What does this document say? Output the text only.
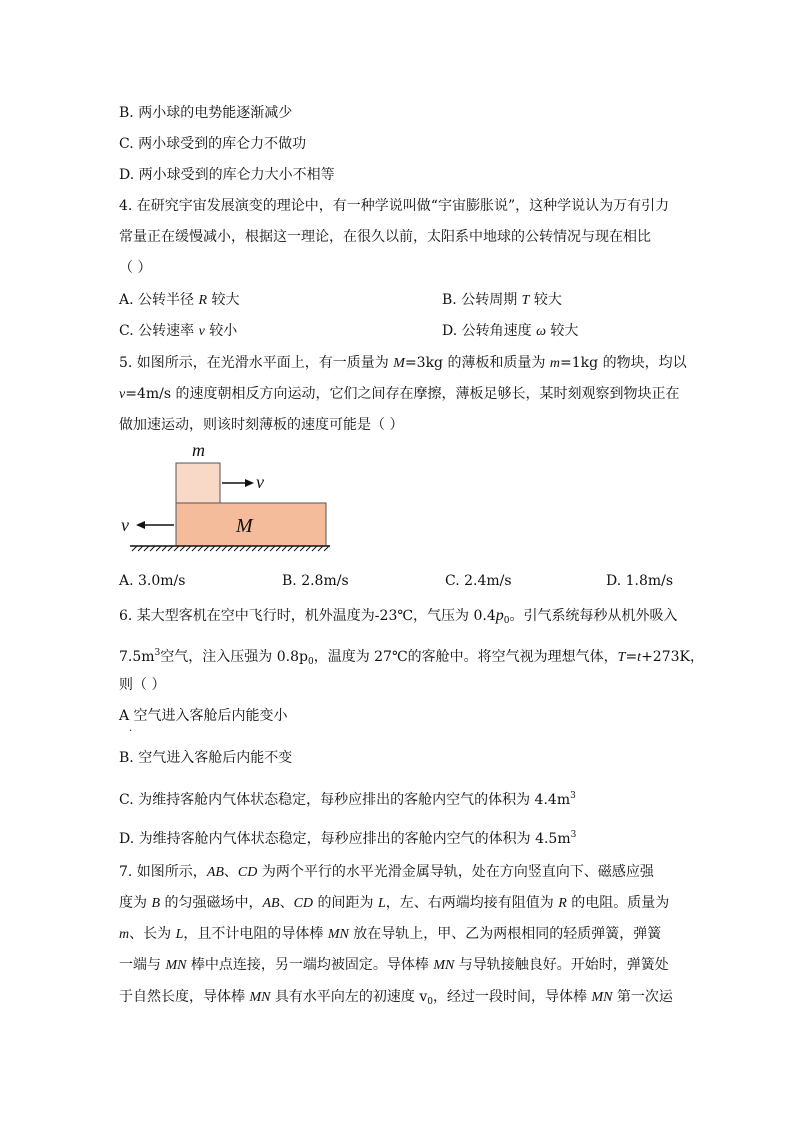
B. 两小球的电势能逐渐减少
C. 两小球受到的库仑力不做功
D. 两小球受到的库仑力大小不相等
4. 在研究宇宙发展演变的理论中，有一种学说叫做“宇宙膨胀说”，这种学说认为万有引力
常量正在缓慢减小，根据这一理论，在很久以前，太阳系中地球的公转情况与现在相比
（ ）
A. 公转半径 R 较大	B. 公转周期 T 较大
C. 公转速率 v 较小	D. 公转角速度 ω 较大
5. 如图所示，在光滑水平面上，有一质量为 M=3kg 的薄板和质量为 m=1kg 的物块，均以
v=4m/s 的速度朝相反方向运动，它们之间存在摩擦，薄板足够长，某时刻观察到物块正在
做加速运动，则该时刻薄板的速度可能是（ ）
m
v
M
v
A. 3.0m/s	B. 2.8m/s	C. 2.4m/s	D. 1.8m/s
6. 某大型客机在空中飞行时，机外温度为-23℃，气压为 $0.4p_0$。引气系统每秒从机外吸入
$7.5m^3$空气，注入压强为 $0.8p_0$，温度为 27℃的客舱中。将空气视为理想气体，T=t+273K，
则（ ）
A 空气进入客舱后内能变小
.
B. 空气进入客舱后内能不变
C. 为维持客舱内气体状态稳定，每秒应排出的客舱内空气的体积为 $4.4m^3$
D. 为维持客舱内气体状态稳定，每秒应排出的客舱内空气的体积为 $4.5m^3$
7. 如图所示，AB、CD 为两个平行的水平光滑金属导轨，处在方向竖直向下、磁感应强
度为 B 的匀强磁场中，AB、CD 的间距为 L，左、右两端均接有阻值为 R 的电阻。质量为
m、长为 L，且不计电阻的导体棒 MN 放在导轨上，甲、乙为两根相同的轻质弹簧，弹簧
一端与 MN 棒中点连接，另一端均被固定。导体棒 MN 与导轨接触良好。开始时，弹簧处
于自然长度，导体棒 MN 具有水平向左的初速度 $v_0$，经过一段时间，导体棒 MN 第一次运
